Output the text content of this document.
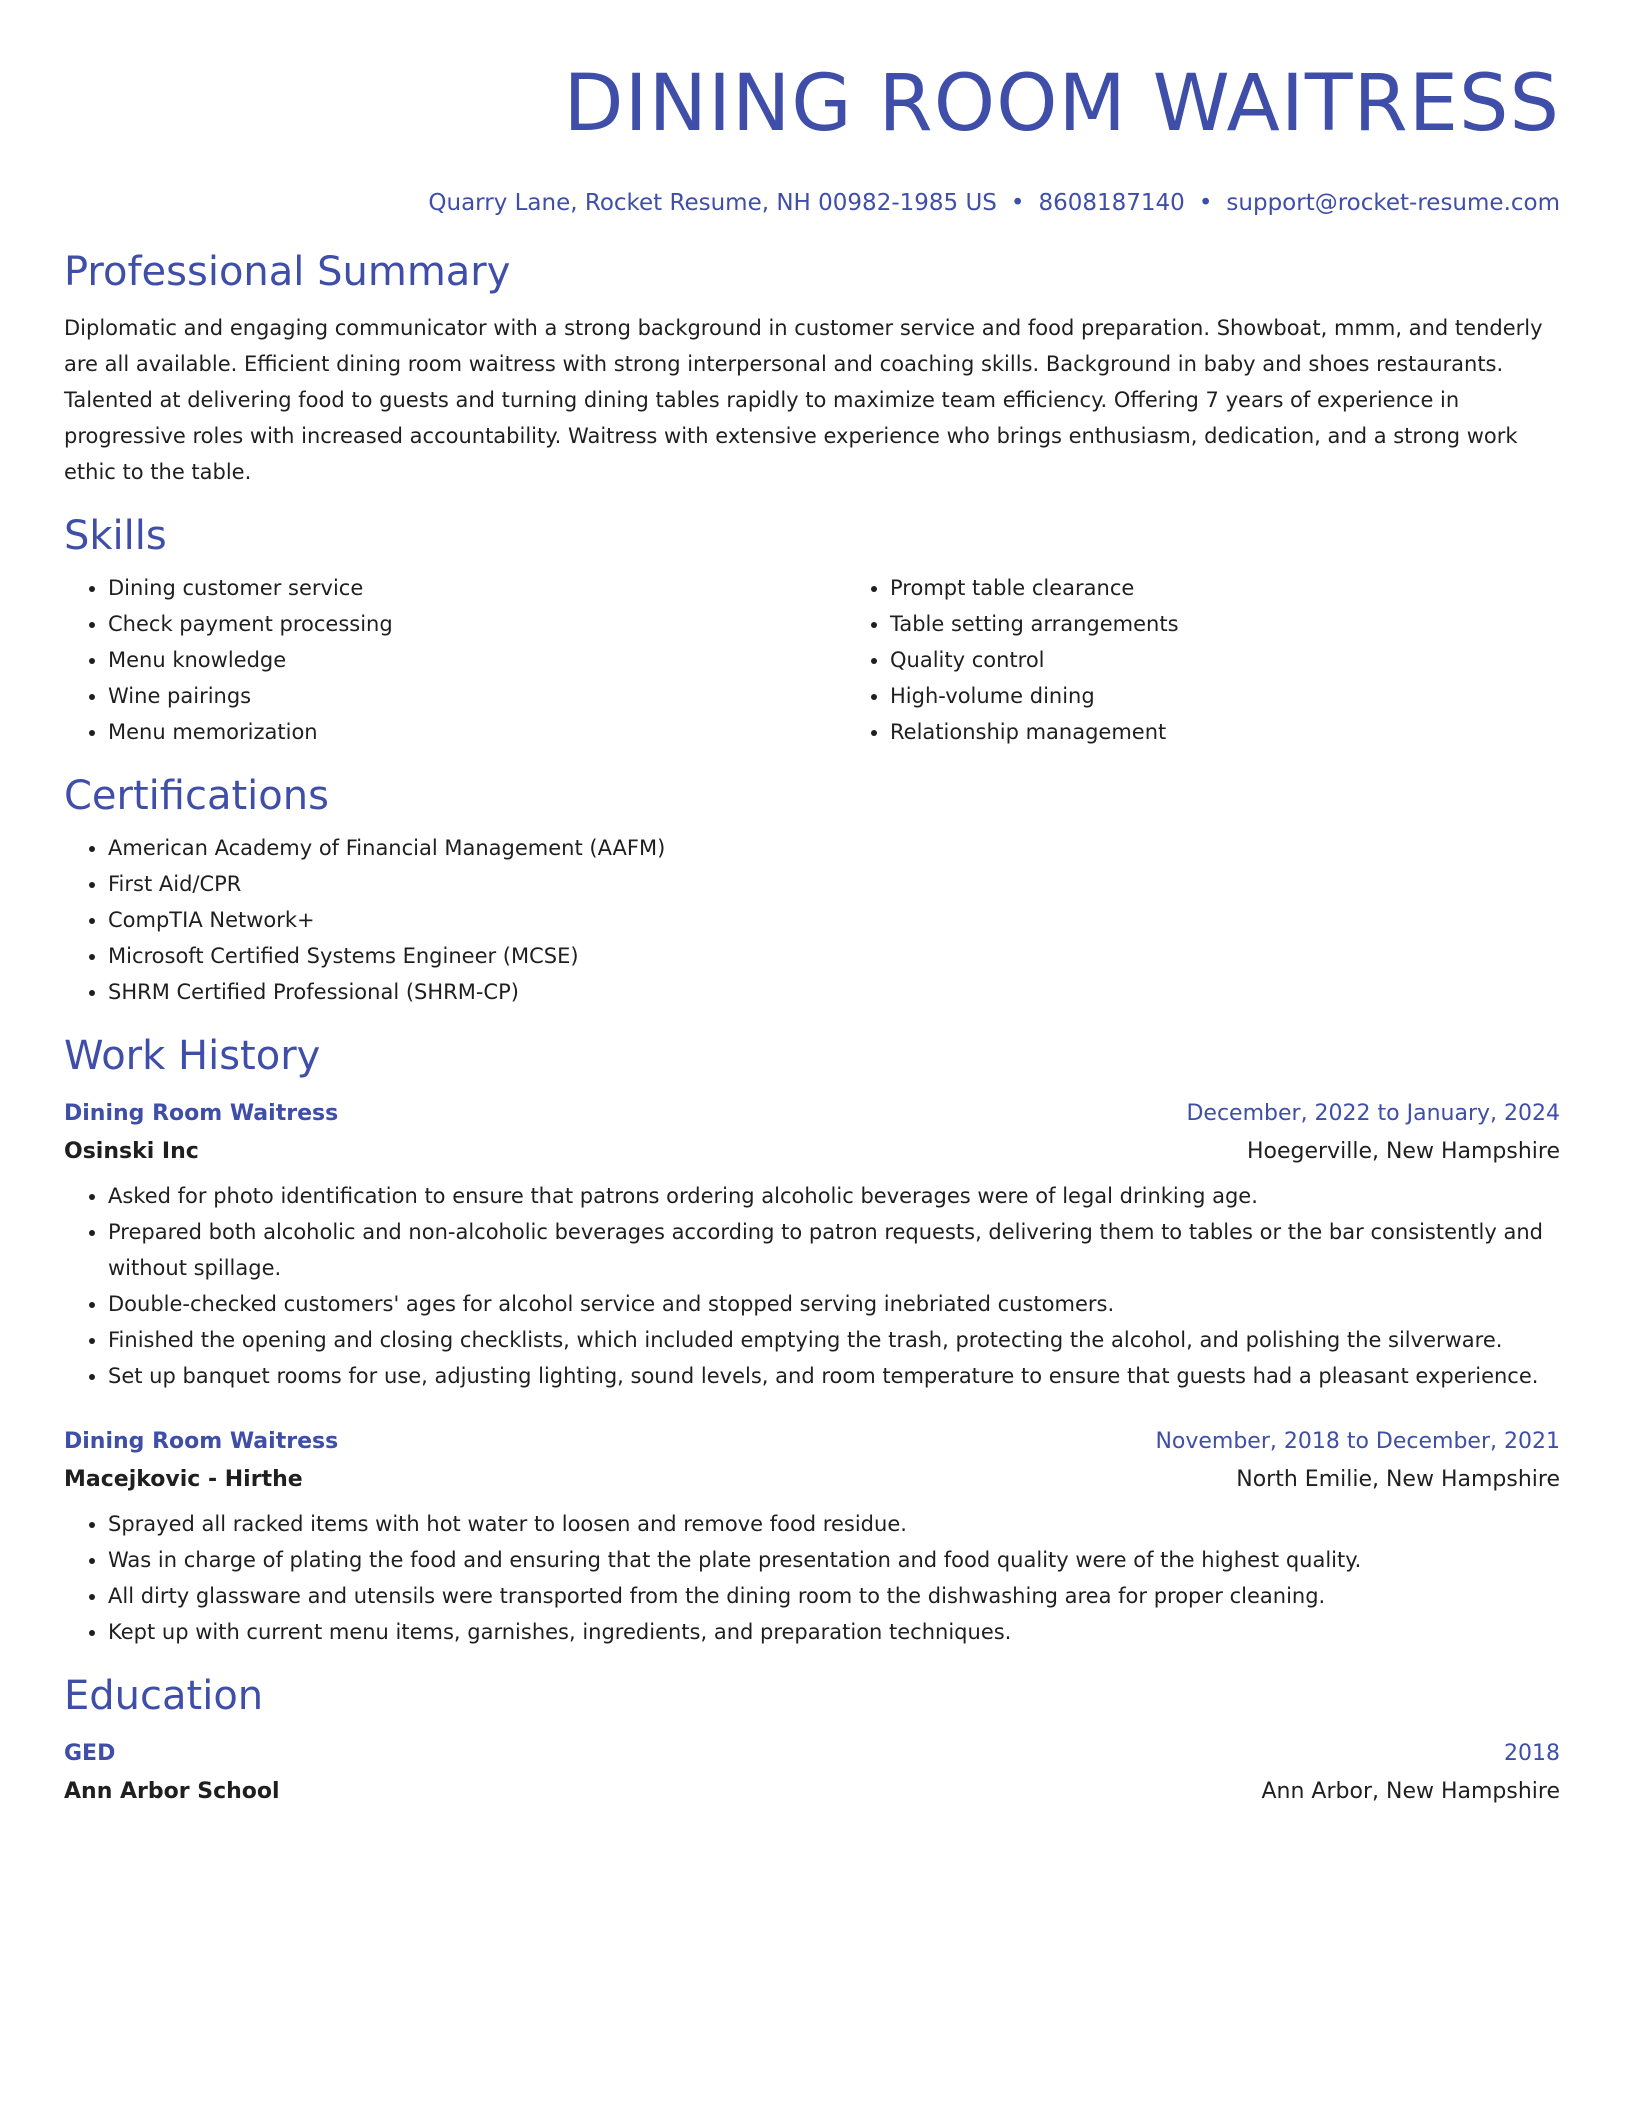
DINING ROOM WAITRESS
Quarry Lane, Rocket Resume, NH 00982-1985 US • 8608187140 • support@rocket-resume.com
Professional Summary

Diplomatic and engaging communicator with a strong background in customer service and food preparation. Showboat, mmm, and tenderly are all available. Efficient dining room waitress with strong interpersonal and coaching skills. Background in baby and shoes restaurants. Talented at delivering food to guests and turning dining tables rapidly to maximize team efficiency. Offering 7 years of experience in progressive roles with increased accountability. Waitress with extensive experience who brings enthusiasm, dedication, and a strong work ethic to the table.

Skills
• Dining customer service
• Check payment processing
• Menu knowledge
• Wine pairings
• Menu memorization
• Prompt table clearance
• Table setting arrangements
• Quality control
• High-volume dining
• Relationship management
Certifications
• American Academy of Financial Management (AAFM)
• First Aid/CPR
• CompTIA Network+
• Microsoft Certified Systems Engineer (MCSE)
• SHRM Certified Professional (SHRM-CP)
Work History
Dining Room Waitress	December, 2022 to January, 2024
Osinski Inc	Hoegerville, New Hampshire
• Asked for photo identification to ensure that patrons ordering alcoholic beverages were of legal drinking age.
• Prepared both alcoholic and non-alcoholic beverages according to patron requests, delivering them to tables or the bar consistently and without spillage.
• Double-checked customers' ages for alcohol service and stopped serving inebriated customers.
• Finished the opening and closing checklists, which included emptying the trash, protecting the alcohol, and polishing the silverware.
• Set up banquet rooms for use, adjusting lighting, sound levels, and room temperature to ensure that guests had a pleasant experience.
Dining Room Waitress	November, 2018 to December, 2021
Macejkovic - Hirthe	North Emilie, New Hampshire
• Sprayed all racked items with hot water to loosen and remove food residue.
• Was in charge of plating the food and ensuring that the plate presentation and food quality were of the highest quality.
• All dirty glassware and utensils were transported from the dining room to the dishwashing area for proper cleaning.
• Kept up with current menu items, garnishes, ingredients, and preparation techniques.
Education
GED	2018
Ann Arbor School	Ann Arbor, New Hampshire
